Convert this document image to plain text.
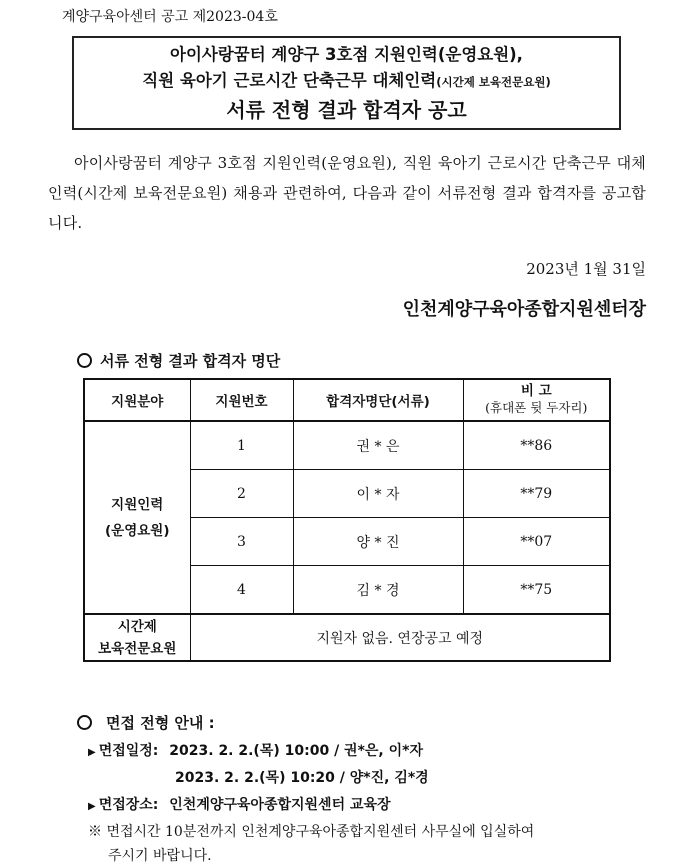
계양구육아센터 공고 제2023-04호
아이사랑꿈터 계양구 3호점 지원인력(운영요원),
직원 육아기 근로시간 단축근무 대체인력(시간제 보육전문요원)
서류 전형 결과 합격자 공고
아이사랑꿈터 계양구 3호점 지원인력(운영요원), 직원 육아기 근로시간 단축근무 대체인력(시간제 보육전문요원) 채용과 관련하여, 다음과 같이 서류전형 결과 합격자를 공고합니다.
2023년 1월 31일
인천계양구육아종합지원센터장
서류 전형 결과 합격자 명단
지원분야	지원번호	합격자명단(서류)	비 고
(휴대폰 뒷 두자리)

지원인력
(운영요원)	1	권 * 은	**86
	2	이 * 자	**79
	3	양 * 진	**07
	4	김 * 경	**75

시간제
보육전문요원	지원자 없음. 연장공고 예정		
면접 전형 안내 :
▶ 면접일정: 2023. 2. 2.(목) 10:00 / 권*은, 이*자
2023. 2. 2.(목) 10:20 / 양*진, 김*경
▶ 면접장소: 인천계양구육아종합지원센터 교육장
※ 면접시간 10분전까지 인천계양구육아종합지원센터 사무실에 입실하여
주시기 바랍니다.
